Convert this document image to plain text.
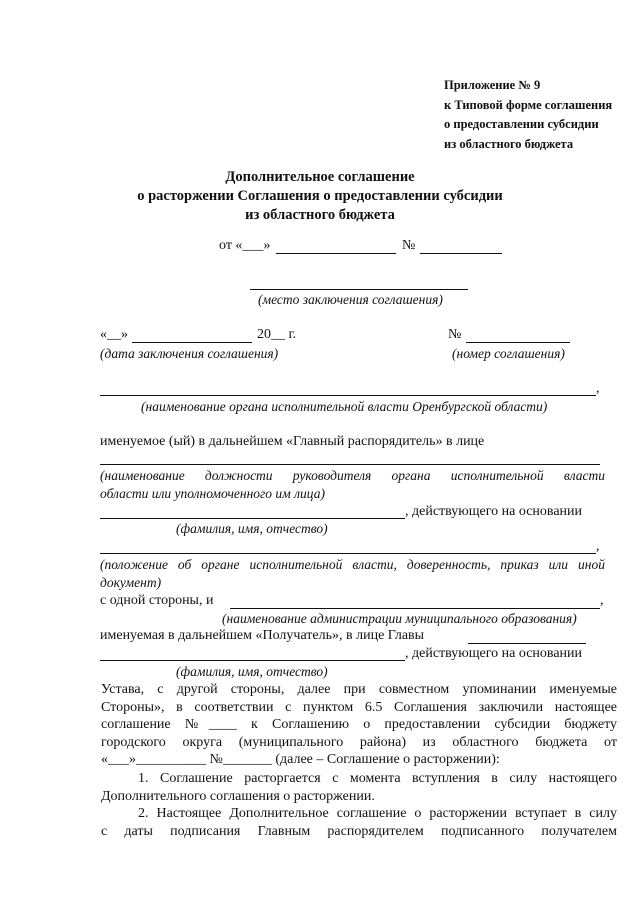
Приложение № 9
к Типовой форме соглашения
о предоставлении субсидии
из областного бюджета
Дополнительное соглашение
о расторжении Соглашения о предоставлении субсидии
из областного бюджета
от «___»	№
(место заключения соглашения)
«__»	20__ г.	№
(дата заключения соглашения)	(номер соглашения)
,
(наименование органа исполнительной власти Оренбургской области)
именуемое (ый) в дальнейшем «Главный распорядитель» в лице
(наименование должности руководителя органа исполнительной власти
области или уполномоченного им лица)
, действующего на основании
(фамилия, имя, отчество)
,
(положение об органе исполнительной власти, доверенность, приказ или иной
документ)
с одной стороны, и	,
(наименование администрации муниципального образования)
именуемая в дальнейшем «Получатель», в лице Главы
, действующего на основании
(фамилия, имя, отчество)
Устава, с другой стороны, далее при совместном упоминании именуемые
Стороны», в соответствии с пунктом 6.5 Соглашения заключили настоящее
соглашение №____ к Соглашению о предоставлении субсидии бюджету
городского округа (муниципального района) из областного бюджета от
«___»__________ №_______ (далее – Соглашение о расторжении):
1. Соглашение расторгается с момента вступления в силу настоящего
Дополнительного соглашения о расторжении.
2. Настоящее Дополнительное соглашение о расторжении вступает в силу
с даты подписания Главным распорядителем подписанного получателем
